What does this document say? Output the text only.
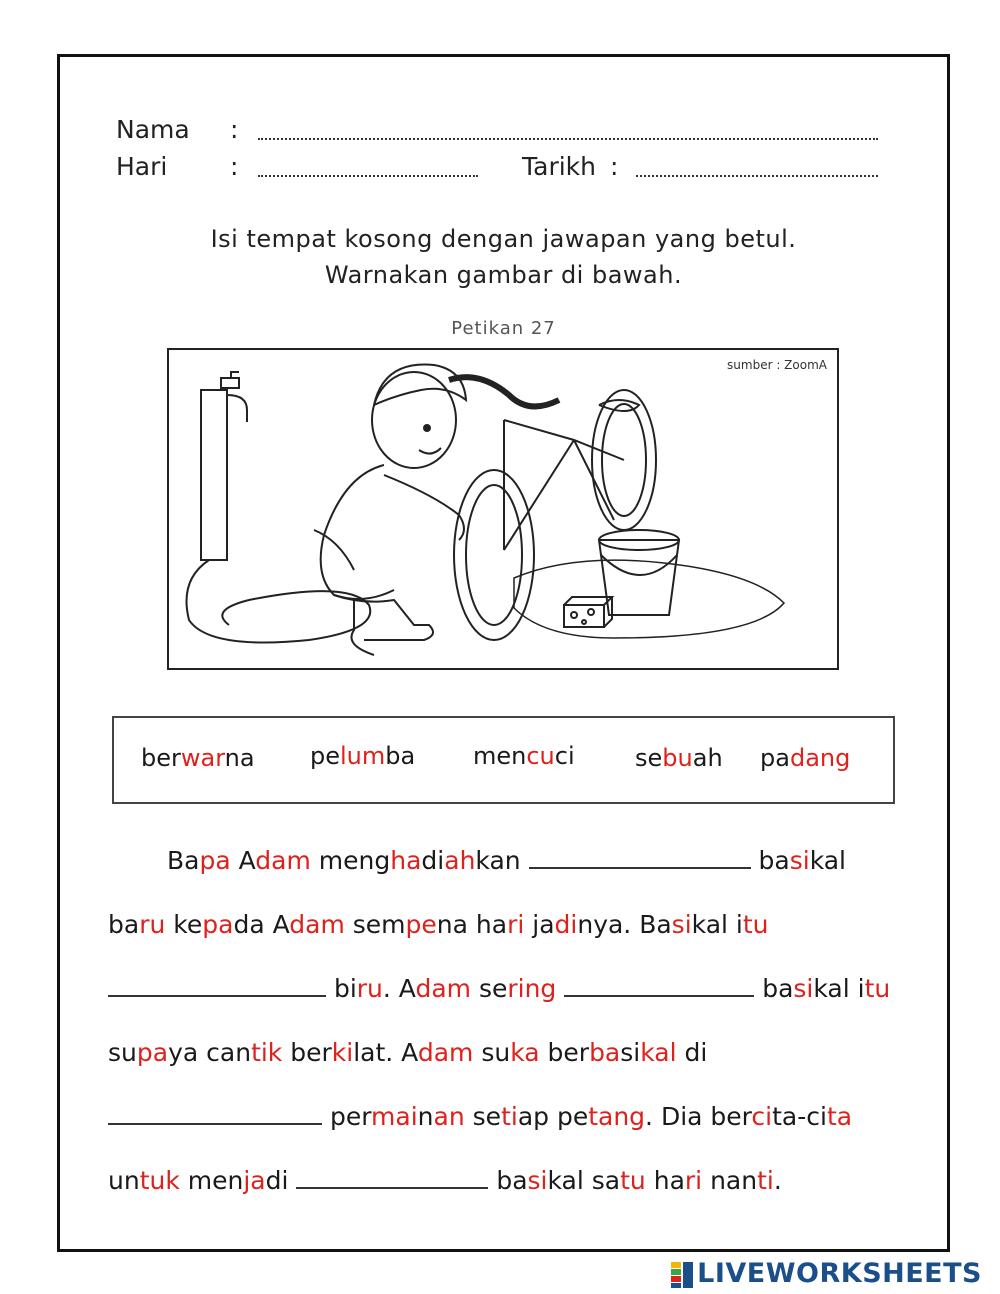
Nama :
Hari	:	Tarikh :
Isi tempat kosong dengan jawapan yang betul.
Warnakan gambar di bawah.
Petikan 27
sumber : ZoomA
berwarna pelumba mencuci	sebuah padang
Bapa Adam menghadiahkan	basikal
baru kepada Adam sempena hari jadinya. Basikal itu
biru. Adam sering	basikal itu
supaya cantik berkilat. Adam suka berbasikal di
permainan setiap petang. Dia bercita-cita
untuk menjadi	basikal satu hari nanti.
LIVEWORKSHEETS
